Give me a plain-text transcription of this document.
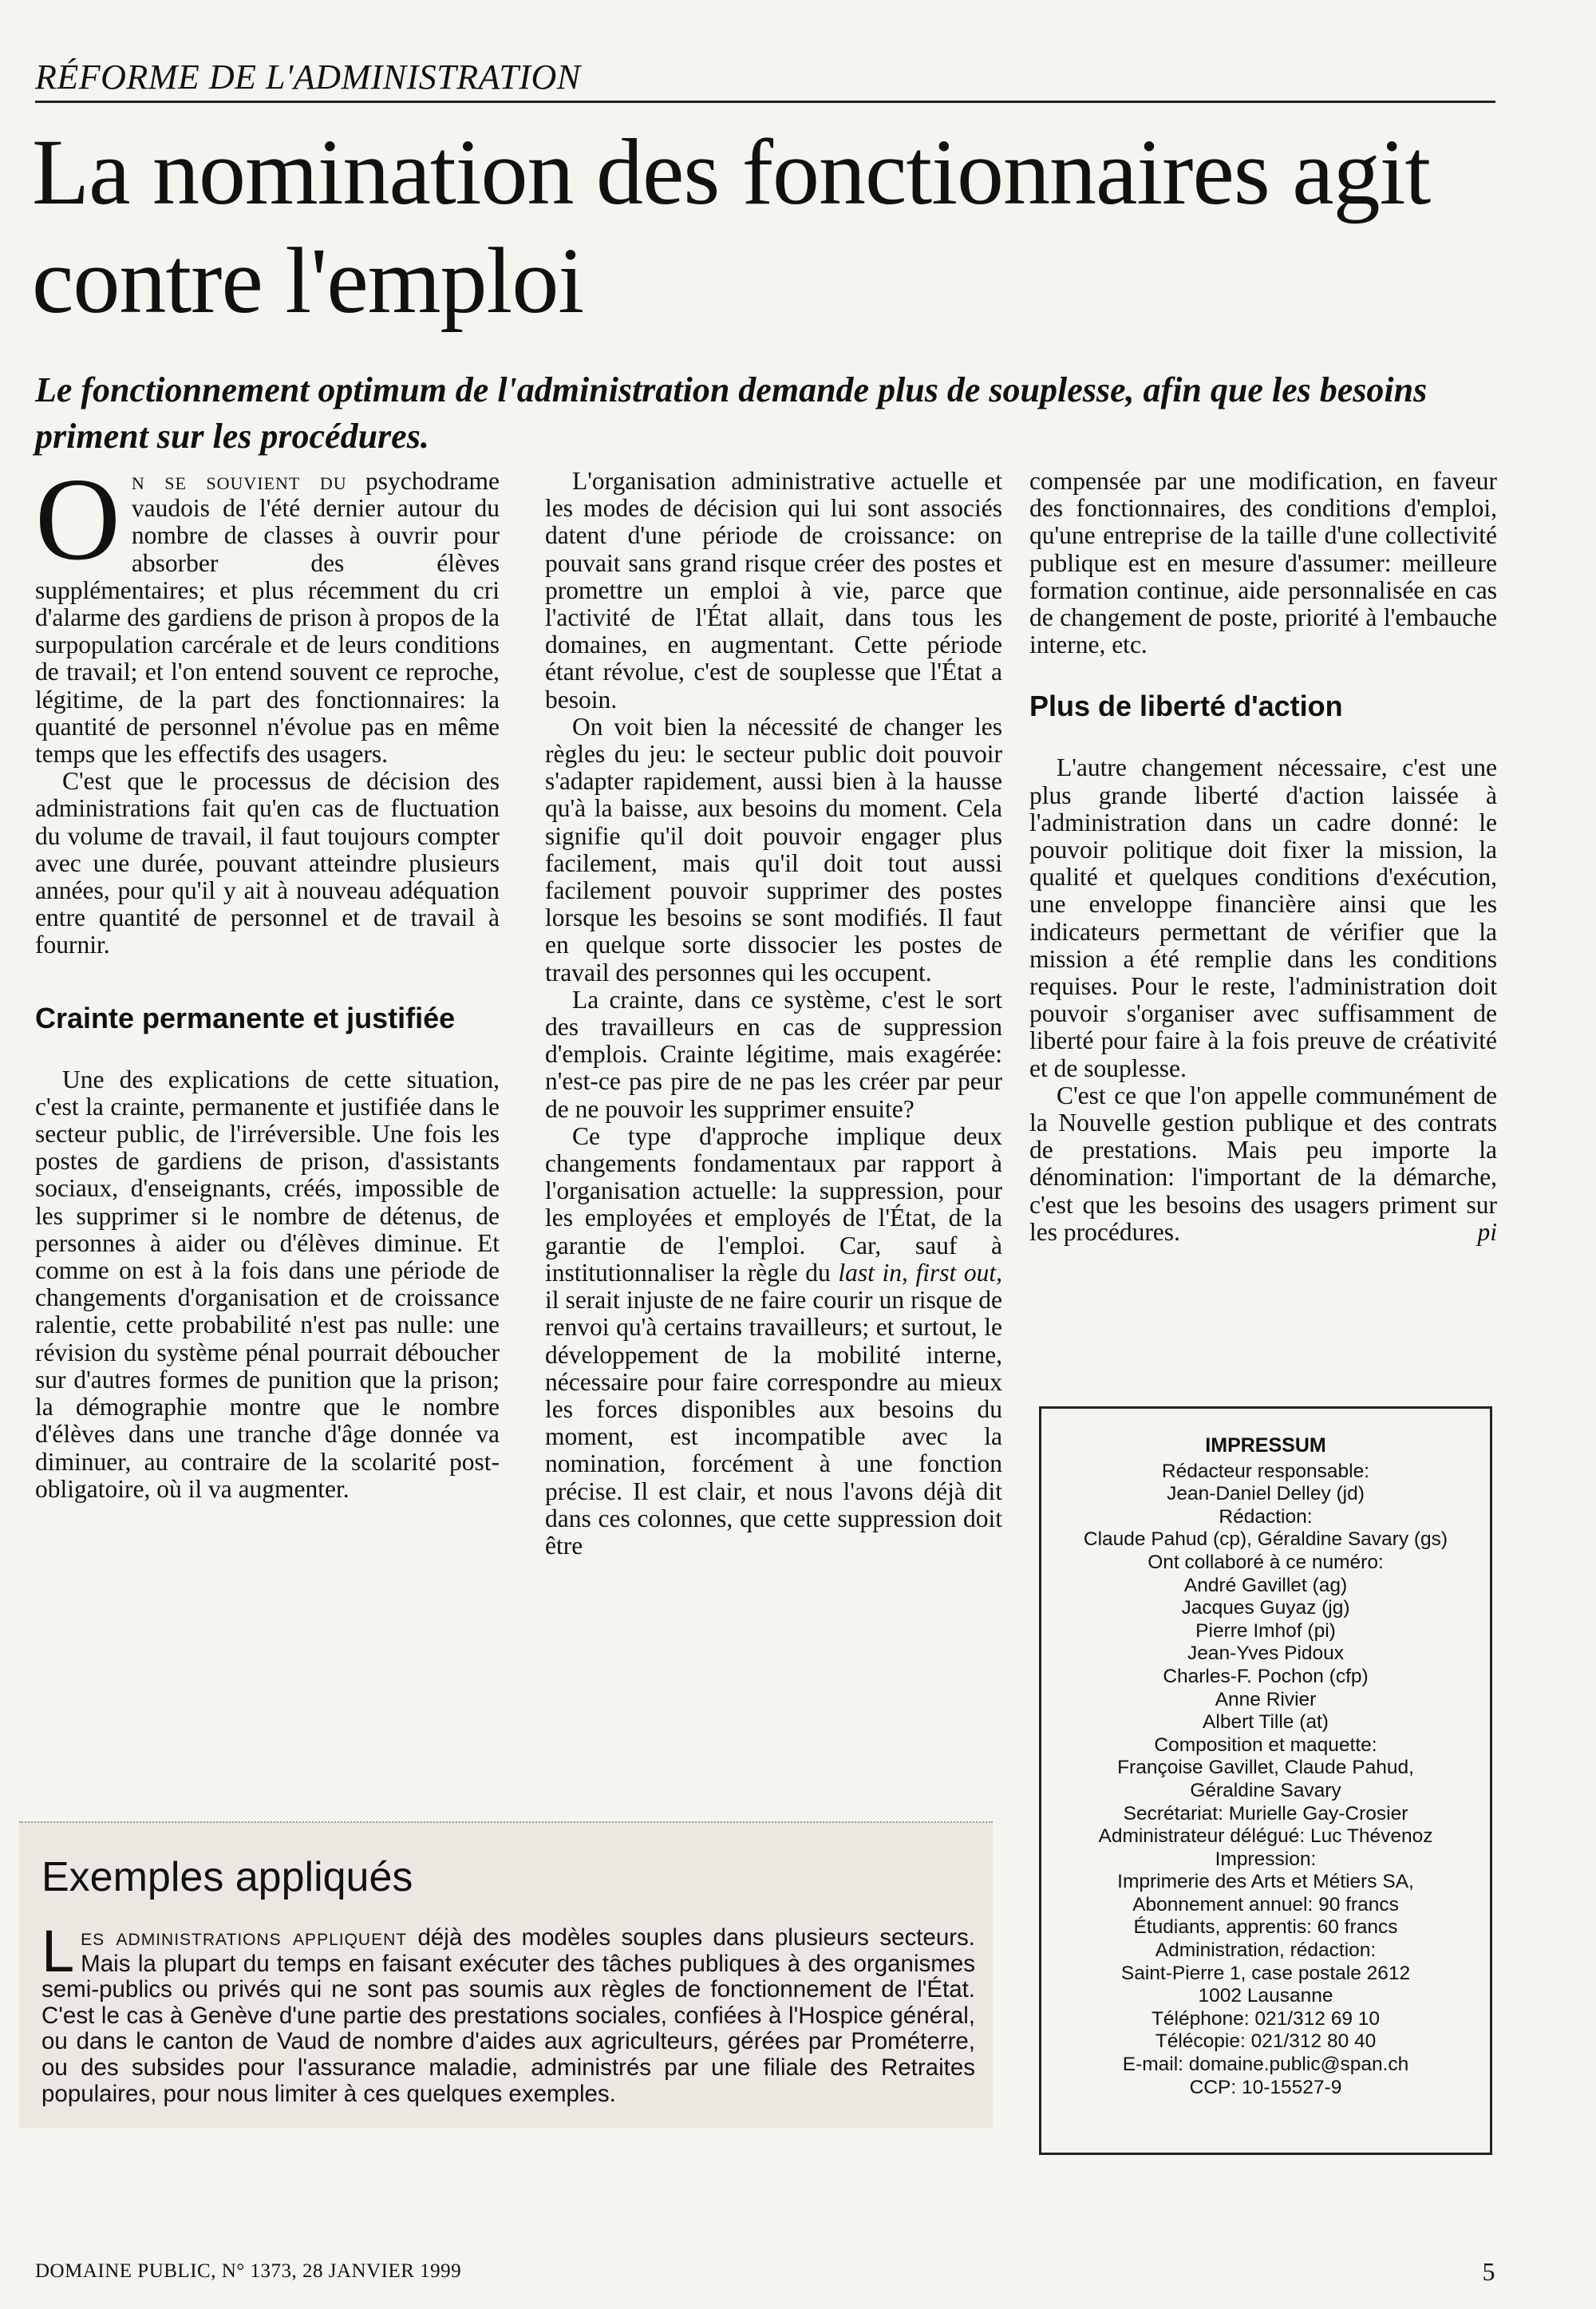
RÉFORME DE L'ADMINISTRATION
La nomination des fonctionnaires agit contre l'emploi
Le fonctionnement optimum de l'administration demande plus de souplesse, afin que les besoins priment sur les procédures.

On se souvient du psychodrame vaudois de l'été dernier autour du nombre de classes à ouvrir pour absorber des élèves supplémentaires; et plus récemment du cri d'alarme des gardiens de prison à propos de la surpopulation carcérale et de leurs conditions de travail; et l'on entend souvent ce reproche, légitime, de la part des fonctionnaires: la quantité de personnel n'évolue pas en même temps que les effectifs des usagers.

C'est que le processus de décision des administrations fait qu'en cas de fluctuation du volume de travail, il faut toujours compter avec une durée, pouvant atteindre plusieurs années, pour qu'il y ait à nouveau adéquation entre quantité de personnel et de travail à fournir.

Crainte permanente et justifiée

Une des explications de cette situation, c'est la crainte, permanente et justifiée dans le secteur public, de l'irréversible. Une fois les postes de gardiens de prison, d'assistants sociaux, d'enseignants, créés, impossible de les supprimer si le nombre de détenus, de personnes à aider ou d'élèves diminue. Et comme on est à la fois dans une période de changements d'organisation et de croissance ralentie, cette probabilité n'est pas nulle: une révision du système pénal pourrait déboucher sur d'autres formes de punition que la prison; la démographie montre que le nombre d'élèves dans une tranche d'âge donnée va diminuer, au contraire de la scolarité post-obligatoire, où il va augmenter.

L'organisation administrative actuelle et les modes de décision qui lui sont associés datent d'une période de croissance: on pouvait sans grand risque créer des postes et promettre un emploi à vie, parce que l'activité de l'État allait, dans tous les domaines, en augmentant. Cette période étant révolue, c'est de souplesse que l'État a besoin.

On voit bien la nécessité de changer les règles du jeu: le secteur public doit pouvoir s'adapter rapidement, aussi bien à la hausse qu'à la baisse, aux besoins du moment. Cela signifie qu'il doit pouvoir engager plus facilement, mais qu'il doit tout aussi facilement pouvoir supprimer des postes lorsque les besoins se sont modifiés. Il faut en quelque sorte dissocier les postes de travail des personnes qui les occupent.

La crainte, dans ce système, c'est le sort des travailleurs en cas de suppression d'emplois. Crainte légitime, mais exagérée: n'est-ce pas pire de ne pas les créer par peur de ne pouvoir les supprimer ensuite?

Ce type d'approche implique deux changements fondamentaux par rapport à l'organisation actuelle: la suppression, pour les employées et employés de l'État, de la garantie de l'emploi. Car, sauf à institutionnaliser la règle du last in, first out, il serait injuste de ne faire courir un risque de renvoi qu'à certains travailleurs; et surtout, le développement de la mobilité interne, nécessaire pour faire correspondre au mieux les forces disponibles aux besoins du moment, est incompatible avec la nomination, forcément à une fonction précise. Il est clair, et nous l'avons déjà dit dans ces colonnes, que cette suppression doit être

compensée par une modification, en faveur des fonctionnaires, des conditions d'emploi, qu'une entreprise de la taille d'une collectivité publique est en mesure d'assumer: meilleure formation continue, aide personnalisée en cas de changement de poste, priorité à l'embauche interne, etc.

Plus de liberté d'action

L'autre changement nécessaire, c'est une plus grande liberté d'action laissée à l'administration dans un cadre donné: le pouvoir politique doit fixer la mission, la qualité et quelques conditions d'exécution, une enveloppe financière ainsi que les indicateurs permettant de vérifier que la mission a été remplie dans les conditions requises. Pour le reste, l'administration doit pouvoir s'organiser avec suffisamment de liberté pour faire à la fois preuve de créativité et de souplesse.

C'est ce que l'on appelle communément de la Nouvelle gestion publique et des contrats de prestations. Mais peu importe la dénomination: l'important de la démarche, c'est que les besoins des usagers priment sur les procédures.	pi

Exemples appliqués
Les administrations appliquent déjà des modèles souples dans plusieurs secteurs. Mais la plupart du temps en faisant exécuter des tâches publiques à des organismes semi-publics ou privés qui ne sont pas soumis aux règles de fonctionnement de l'État. C'est le cas à Genève d'une partie des prestations sociales, confiées à l'Hospice général, ou dans le canton de Vaud de nombre d'aides aux agriculteurs, gérées par Prométerre, ou des subsides pour l'assurance maladie, administrés par une filiale des Retraites populaires, pour nous limiter à ces quelques exemples.
IMPRESSUM
Rédacteur responsable:
Jean-Daniel Delley (jd)
Rédaction:
Claude Pahud (cp), Géraldine Savary (gs)
Ont collaboré à ce numéro:
André Gavillet (ag)
Jacques Guyaz (jg)
Pierre Imhof (pi)
Jean-Yves Pidoux
Charles-F. Pochon (cfp)
Anne Rivier
Albert Tille (at)
Composition et maquette:
Françoise Gavillet, Claude Pahud,
Géraldine Savary
Secrétariat: Murielle Gay-Crosier
Administrateur délégué: Luc Thévenoz
Impression:
Imprimerie des Arts et Métiers SA,
Abonnement annuel: 90 francs
Étudiants, apprentis: 60 francs
Administration, rédaction:
Saint-Pierre 1, case postale 2612
1002 Lausanne
Téléphone: 021/312 69 10
Télécopie: 021/312 80 40
E-mail: domaine.public@span.ch
CCP: 10-15527-9
DOMAINE PUBLIC, N° 1373, 28 JANVIER 1999	5
